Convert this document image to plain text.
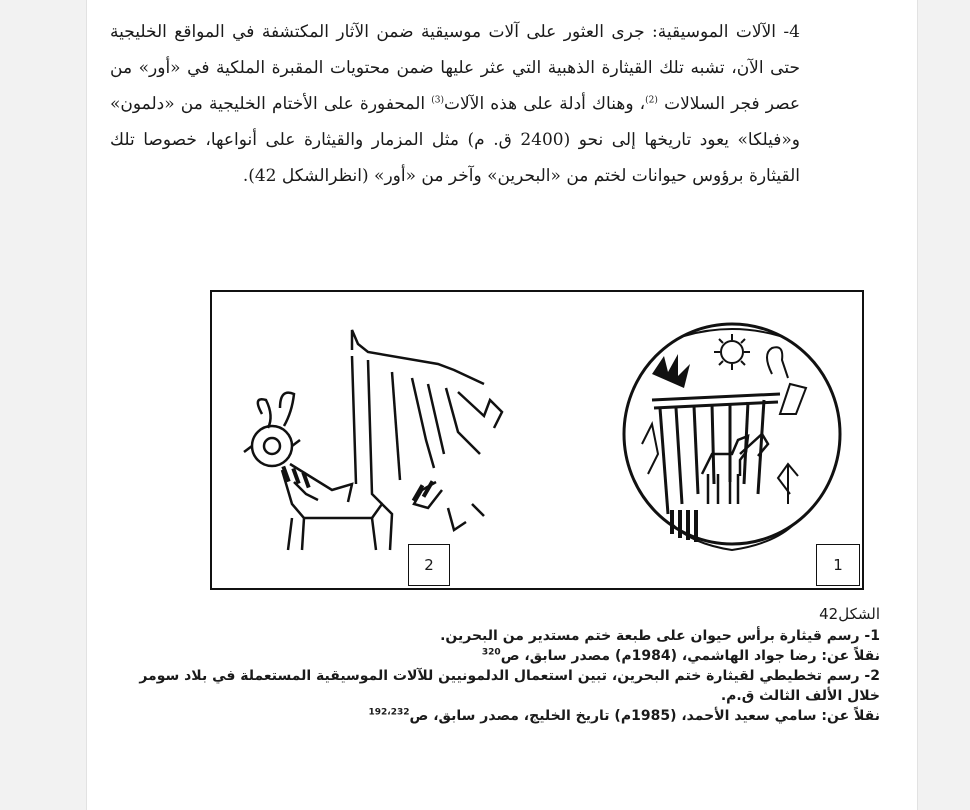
4- الآلات الموسيقية: جرى العثور على آلات موسيقية ضمن الآثار المكتشفة في المواقع الخليجية حتى الآن، تشبه تلك القيثارة الذهبية التي عثر عليها ضمن محتويات المقبرة الملكية في «أور» من عصر فجر السلالات $^{(2)}$، وهناك أدلة على هذه الآلات$^{(3)}$ المحفورة على الأختام الخليجية من «دلمون» و«فيلكا» يعود تاريخها إلى نحو (2400 ق. م) مثل المزمار والقيثارة على أنواعها، خصوصا تلك القيثارة برؤوس حيوانات لختم من «البحرين» وآخر من «أور» (انظرالشكل 42).

1
2

الشكل42

1- رسم قيثارة برأس حيوان على طبعة ختم مستدير من البحرين.

نقلاً عن: رضا جواد الهاشمي، (1984م) مصدر سابق، ص$^{320}$

2- رسم تخطيطي لقيثارة ختم البحرين، تبين استعمال الدلمونيين للآلات الموسيقية المستعملة في بلاد سومر خلال الألف الثالث ق.م.

نقلاً عن: سامي سعيد الأحمد، (1985م) تاريخ الخليج، مصدر سابق، ص$^{192،232}$
